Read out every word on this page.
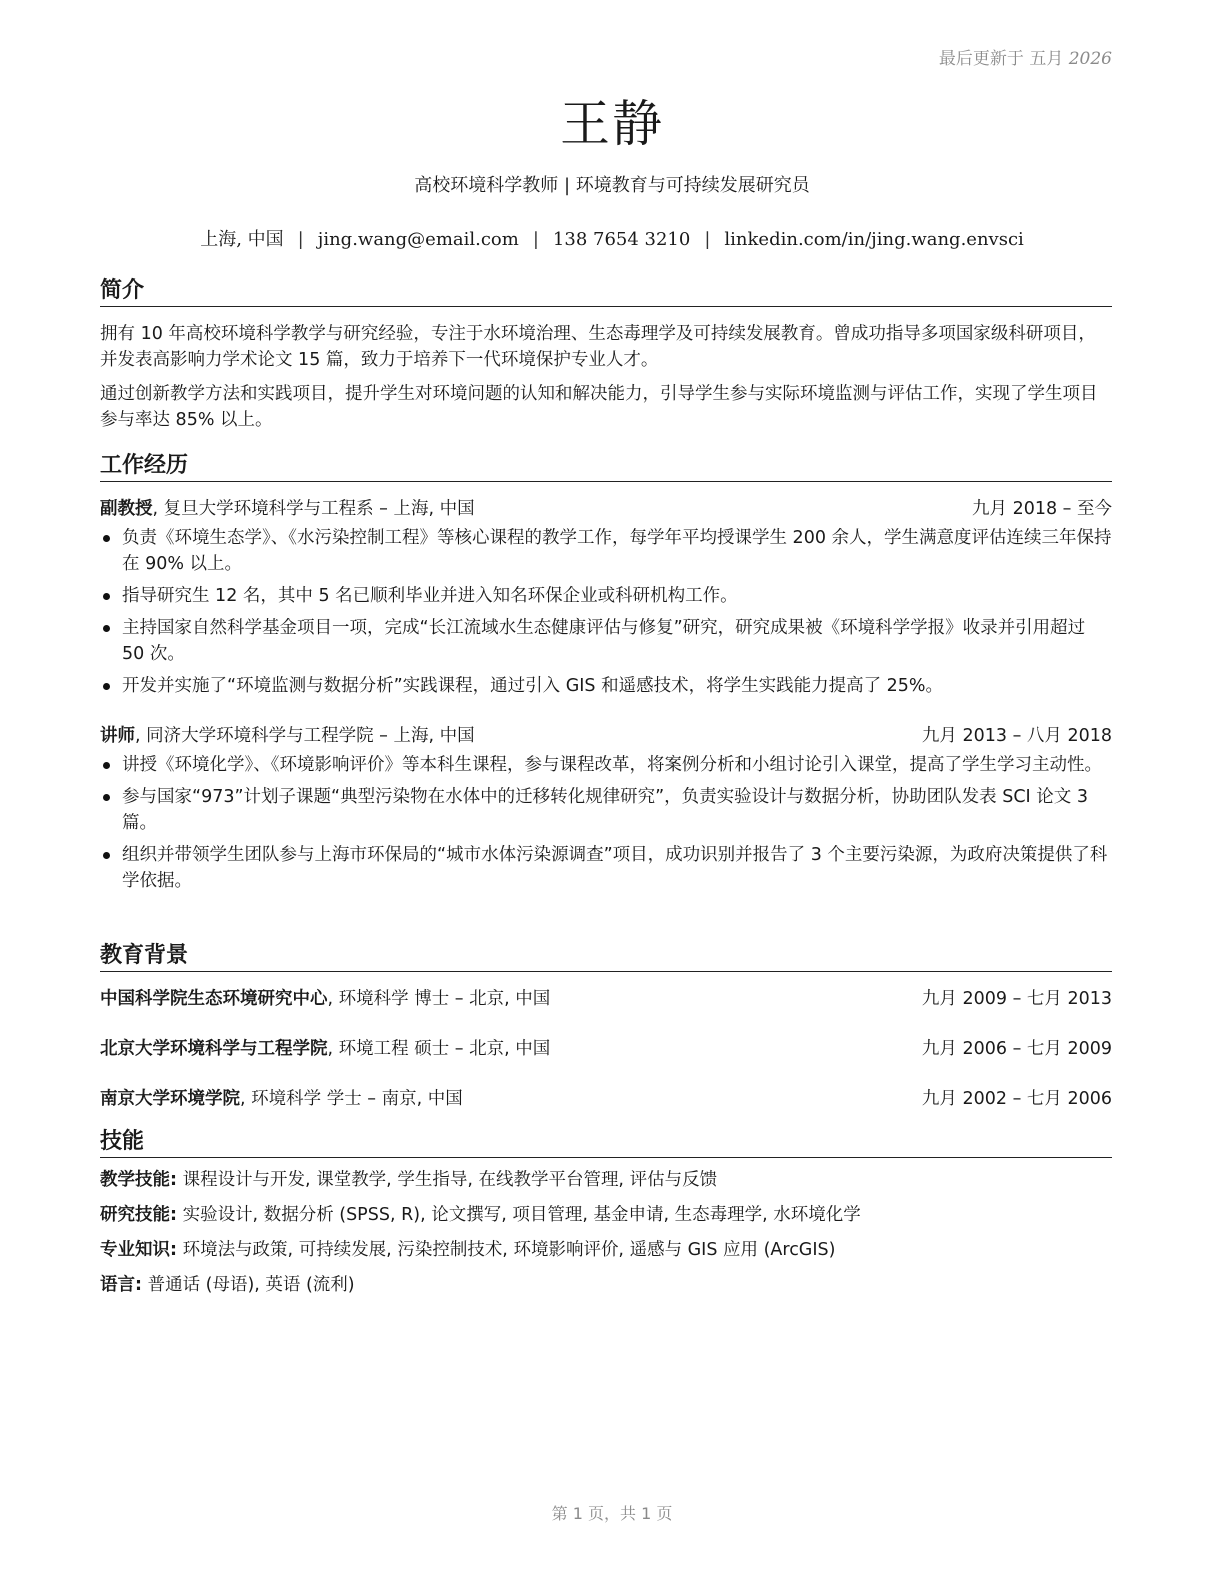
最后更新于 五月 2026
王静
高校环境科学教师 | 环境教育与可持续发展研究员
上海, 中国 | jing.wang@email.com | 138 7654 3210 | linkedin.com/in/jing.wang.envsci
简介

拥有 10 年高校环境科学教学与研究经验，专注于水环境治理、生态毒理学及可持续发展教育。曾成功指导多项国家级科研项目，并发表高影响力学术论文 15 篇，致力于培养下一代环境保护专业人才。

通过创新教学方法和实践项目，提升学生对环境问题的认知和解决能力，引导学生参与实际环境监测与评估工作，实现了学生项目参与率达 85% 以上。

工作经历
副教授, 复旦大学环境科学与工程系 – 上海, 中国	九月 2018 – 至今
负责《环境生态学》、《水污染控制工程》等核心课程的教学工作，每学年平均授课学生 200 余人，学生满意度评估连续三年保持在 90% 以上。
指导研究生 12 名，其中 5 名已顺利毕业并进入知名环保企业或科研机构工作。
主持国家自然科学基金项目一项，完成“长江流域水生态健康评估与修复”研究，研究成果被《环境科学学报》收录并引用超过 50 次。
开发并实施了“环境监测与数据分析”实践课程，通过引入 GIS 和遥感技术，将学生实践能力提高了 25%。
讲师, 同济大学环境科学与工程学院 – 上海, 中国	九月 2013 – 八月 2018
讲授《环境化学》、《环境影响评价》等本科生课程，参与课程改革，将案例分析和小组讨论引入课堂，提高了学生学习主动性。
参与国家“973”计划子课题“典型污染物在水体中的迁移转化规律研究”，负责实验设计与数据分析，协助团队发表 SCI 论文 3 篇。
组织并带领学生团队参与上海市环保局的“城市水体污染源调查”项目，成功识别并报告了 3 个主要污染源，为政府决策提供了科学依据。
教育背景
中国科学院生态环境研究中心, 环境科学 博士 – 北京, 中国	九月 2009 – 七月 2013
北京大学环境科学与工程学院, 环境工程 硕士 – 北京, 中国	九月 2006 – 七月 2009
南京大学环境学院, 环境科学 学士 – 南京, 中国	九月 2002 – 七月 2006
技能
教学技能: 课程设计与开发, 课堂教学, 学生指导, 在线教学平台管理, 评估与反馈
研究技能: 实验设计, 数据分析 (SPSS, R), 论文撰写, 项目管理, 基金申请, 生态毒理学, 水环境化学
专业知识: 环境法与政策, 可持续发展, 污染控制技术, 环境影响评价, 遥感与 GIS 应用 (ArcGIS)
语言: 普通话 (母语), 英语 (流利)
第 1 页，共 1 页
